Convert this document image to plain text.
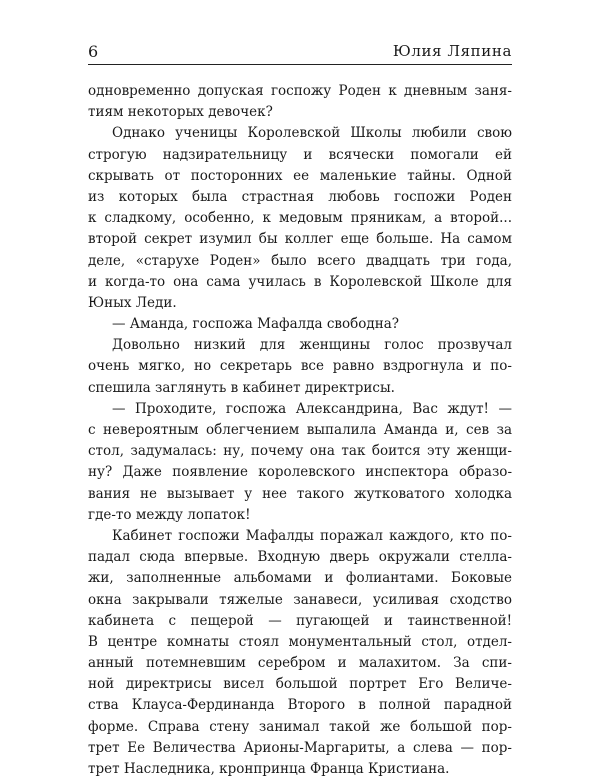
6	Юлия Ляпина
одновременно допуская госпожу Роден к дневным заня-
тиям некоторых девочек?
Однако ученицы Королевской Школы любили свою
строгую надзирательницу и всячески помогали ей
скрывать от посторонних ее маленькие тайны. Одной
из которых была страстная любовь госпожи Роден
к сладкому, особенно, к медовым пряникам, а второй...
второй секрет изумил бы коллег еще больше. На самом
деле, «старухе Роден» было всего двадцать три года,
и когда-то она сама училась в Королевской Школе для
Юных Леди.
— Аманда, госпожа Мафалда свободна?
Довольно низкий для женщины голос прозвучал
очень мягко, но секретарь все равно вздрогнула и по-
спешила заглянуть в кабинет директрисы.
— Проходите, госпожа Александрина, Вас ждут! —
с невероятным облегчением выпалила Аманда и, сев за
стол, задумалась: ну, почему она так боится эту женщи-
ну? Даже появление королевского инспектора образо-
вания не вызывает у нее такого жутковатого холодка
где-то между лопаток!
Кабинет госпожи Мафалды поражал каждого, кто по-
падал сюда впервые. Входную дверь окружали стелла-
жи, заполненные альбомами и фолиантами. Боковые
окна закрывали тяжелые занавеси, усиливая сходство
кабинета с пещерой — пугающей и таинственной!
В центре комнаты стоял монументальный стол, отдел-
анный потемневшим серебром и малахитом. За спи-
ной директрисы висел большой портрет Его Величе-
ства Клауса-Фердинанда Второго в полной парадной
форме. Справа стену занимал такой же большой пор-
трет Ее Величества Арионы-Маргариты, а слева — пор-
трет Наследника, кронпринца Франца Кристиана.
